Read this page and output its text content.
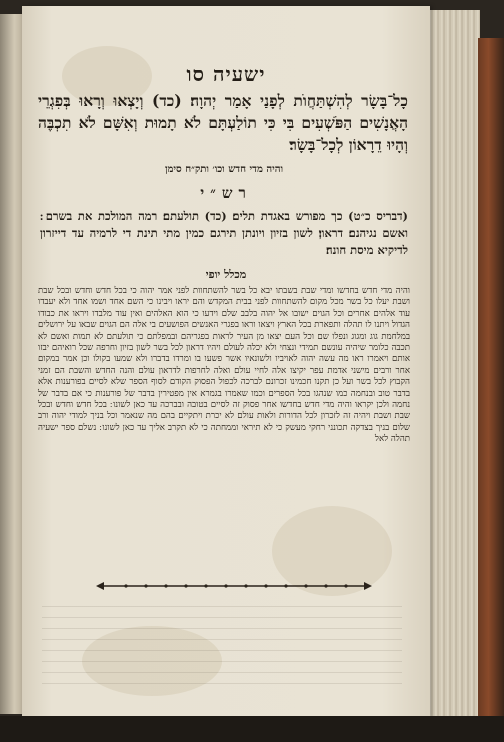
ישעיה סו
כָל־בָּשָׂר לְהִשְׁתַּחֲוֺת לְפָנַי אָמַר יְהוָה׃ (כד) וְיָצְאוּ וְרָאוּ בְּפִגְרֵי הָאֲנָשִׁים הַפֹּשְׁעִים בִּי כִּי תוֹלַעְתָּם לֹא תָמוּת וְאִשָּׁם לֹא תִכְבֶּה וְהָיוּ דֵרָאוֹן לְכָל־בָּשָׂר׃
והיה מדי חדש וכו׳ ותק״ח סימן
רש״י
(דבריס כ״ט) כך מפורש באגדת תלים׃ (כד) תולעתם׃ רמה המולכת את בשרם ׃ ואשם נגיהנם׃ דראון׃ לשון בזיון ויונתן תירגם כמין מתי תינת די לרמיה עד דייזרון לדיקיא מיסת חונה׃
מכלל יופי
והיה מדי חדש בחדשו ומדי שבת בשבתו יבא כל בשר להשתחוות לפני אמר יהוה כי בכל חדש וחדש ובכל שבת ושבת יעלו כל בשר מכל מקום להשתחוות לפני בבית המקדש והם יראו ויבינו כי השם אחד ושמו אחד ולא יעבדו עוד אלהים אחרים וכל הגוים ישובו אל יהוה בלבב שלם וידעו כי הוא האלהים ואין עוד מלבדו ויראו את כבודו הגדול ויתנו לו תהלה ותפארת בכל הארץ ויצאו וראו בפגרי האנשים הפושעים בי אלה הם הגוים שבאו על ירושלים במלחמת גוג ומגוג ונפלו שם וכל העם יצאו מן העיר לראות בפגריהם ובמפלתם כי תולעתם לא תמות ואשם לא תכבה כלומר שיהיה עונשם תמידי ונצחי ולא יכלה לעולם ויהיו דראון לכל בשר לשון בזיון וחרפה שכל רואיהם יבזו אותם ויאמרו ראו מה עשה יהוה לאויביו ולשונאיו אשר פשעו בו ומרדו בדברו ולא שמעו בקולו וכן אמר במקום אחר ורבים מישני אדמת עפר יקיצו אלה לחיי עולם ואלה לחרפות לדראון עולם והנה החדש והשבת הם זמני הקבוץ לכל בשר ועל כן תקנו חכמינו זכרונם לברכה לכפול הפסוק הקודם לסוף הספר שלא לסיים בפורענות אלא בדבר טוב ובנחמה כמו שנהגו בכל הספרים וכמו שאמרו בגמרא אין מפטירין בדבר של פורענות כי אם בדבר של נחמה ולכן יקראו והיה מדי חדש בחדשו אחר פסוק זה לסיים בטובה ובברכה עד כאן לשונו ׃ בכל חדש וחדש ובכל שבת ושבת ויהיה זה לזכרון לכל הדורות ולאות עולם לא יכרת ויתקיים בהם מה שנאמר וכל בניך למודי יהוה ורב שלום בניך בצדקה תכונני רחקי מעשק כי לא תיראי וממחתה כי לא תקרב אליך עד כאן לשונו ׃ נשלם ספר ישעיה תהלה לאל
